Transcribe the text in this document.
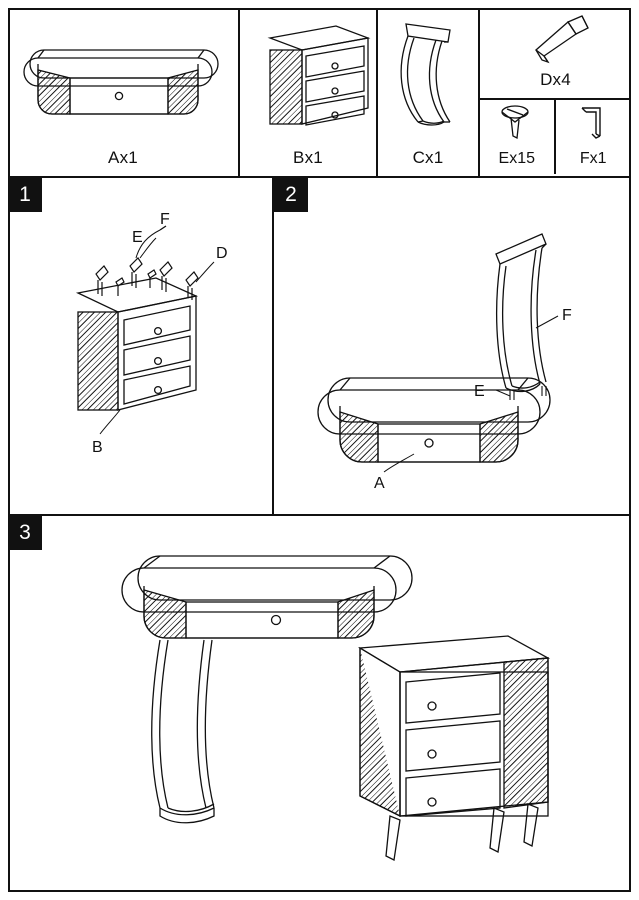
Ax1	Bx1	Cx1
Dx4
Ex15	Fx1
1
F
E
D
B
2
E
F
A
3
